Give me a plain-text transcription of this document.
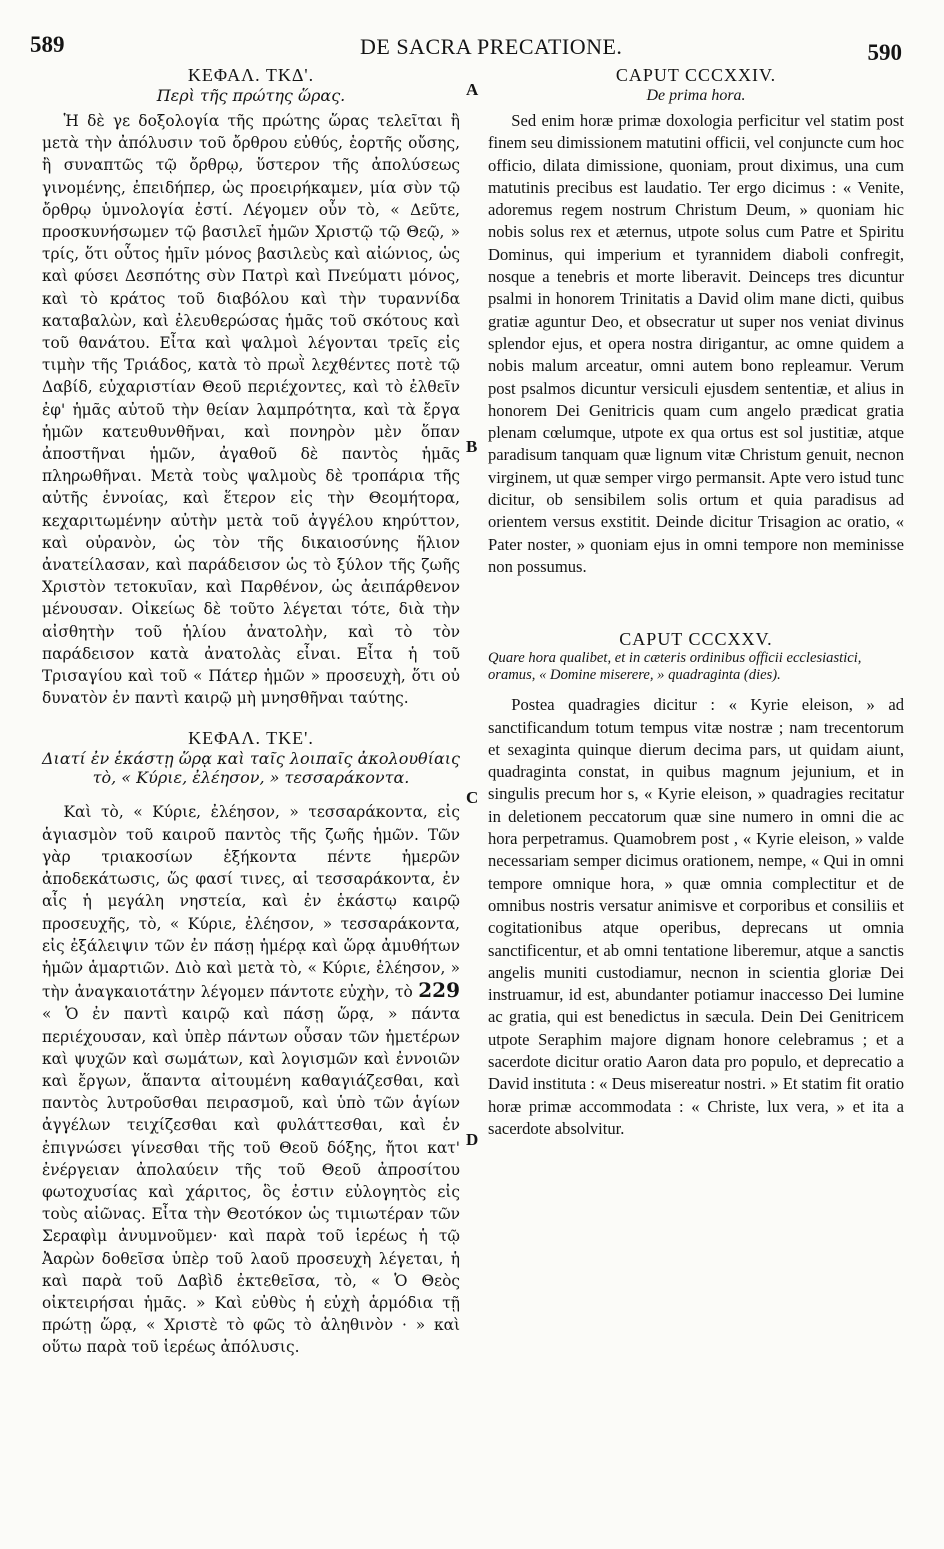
589	DE SACRA PRECATIONE.	590
A
B
C
D
ΚΕΦΑΛ. ΤΚΔ'.
Περὶ τῆς πρώτης ὥρας.

Ἡ δὲ γε δοξολογία τῆς πρώτης ὥρας τελεῖται ἢ μετὰ τὴν ἀπόλυσιν τοῦ ὄρθρου εὐθύς, ἑορτῆς οὔσης, ἢ συναπτῶς τῷ ὄρθρῳ, ὕστερον τῆς ἀπολύσεως γινομένης, ἐπειδήπερ, ὡς προειρήκαμεν, μία σὺν τῷ ὄρθρῳ ὑμνολογία ἐστί. Λέγομεν οὖν τὸ, « Δεῦτε, προσκυνήσωμεν τῷ βασιλεῖ ἡμῶν Χριστῷ τῷ Θεῷ, » τρίς, ὅτι οὗτος ἡμῖν μόνος βασιλεὺς καὶ αἰώνιος, ὡς καὶ φύσει Δεσπότης σὺν Πατρὶ καὶ Πνεύματι μόνος, καὶ τὸ κράτος τοῦ διαβόλου καὶ τὴν τυραννίδα καταβαλὼν, καὶ ἐλευθερώσας ἡμᾶς τοῦ σκότους καὶ τοῦ θανάτου. Εἶτα καὶ ψαλμοὶ λέγονται τρεῖς εἰς τιμὴν τῆς Τριάδος, κατὰ τὸ πρωῒ λεχθέντες ποτὲ τῷ Δαβίδ, εὐχαριστίαν Θεοῦ περιέχοντες, καὶ τὸ ἐλθεῖν ἐφ' ἡμᾶς αὐτοῦ τὴν θείαν λαμπρότητα, καὶ τὰ ἔργα ἡμῶν κατευθυνθῆναι, καὶ πονηρὸν μὲν ὅπαν ἀποστῆναι ἡμῶν, ἀγαθοῦ δὲ παντὸς ἡμᾶς πληρωθῆναι. Μετὰ τοὺς ψαλμοὺς δὲ τροπάρια τῆς αὐτῆς ἐννοίας, καὶ ἕτερον εἰς τὴν Θεομήτορα, κεχαριτωμένην αὐτὴν μετὰ τοῦ ἀγγέλου κηρύττον, καὶ οὐρανὸν, ὡς τὸν τῆς δικαιοσύνης ἥλιον ἀνατείλασαν, καὶ παράδεισον ὡς τὸ ξύλον τῆς ζωῆς Χριστὸν τετοκυῖαν, καὶ Παρθένον, ὡς ἀειπάρθενον μένουσαν. Οἰκείως δὲ τοῦτο λέγεται τότε, διὰ τὴν αἰσθητὴν τοῦ ἡλίου ἀνατολὴν, καὶ τὸ τὸν παράδεισον κατὰ ἀνατολὰς εἶναι. Εἶτα ἡ τοῦ Τρισαγίου καὶ τοῦ « Πάτερ ἡμῶν » προσευχὴ, ὅτι οὐ δυνατὸν ἐν παντὶ καιρῷ μὴ μνησθῆναι ταύτης.

ΚΕΦΑΛ. ΤΚΕ'.
Διατί ἐν ἑκάστῃ ὥρᾳ καὶ ταῖς λοιπαῖς ἀκολουθίαις τὸ, « Κύριε, ἐλέησον, » τεσσαράκοντα.

Καὶ τὸ, « Κύριε, ἐλέησον, » τεσσαράκοντα, εἰς ἁγιασμὸν τοῦ καιροῦ παντὸς τῆς ζωῆς ἡμῶν. Τῶν γὰρ τριακοσίων ἑξήκοντα πέντε ἡμερῶν ἀποδεκάτωσις, ὥς φασί τινες, αἱ τεσσαράκοντα, ἐν αἷς ἡ μεγάλη νηστεία, καὶ ἐν ἑκάστῳ καιρῷ προσευχῆς, τὸ, « Κύριε, ἐλέησον, » τεσσαράκοντα, εἰς ἐξάλειψιν τῶν ἐν πάσῃ ἡμέρᾳ καὶ ὥρᾳ ἀμυθήτων ἡμῶν ἁμαρτιῶν. Διὸ καὶ μετὰ τὸ, « Κύριε, ἐλέησον, » τὴν ἀναγκαιοτάτην λέγομεν πάντοτε εὐχὴν, τὸ 229 « Ὁ ἐν παντὶ καιρῷ καὶ πάσῃ ὥρᾳ, » πάντα περιέχουσαν, καὶ ὑπὲρ πάντων οὖσαν τῶν ἡμετέρων καὶ ψυχῶν καὶ σωμάτων, καὶ λογισμῶν καὶ ἐννοιῶν καὶ ἔργων, ἅπαντα αἰτουμένη καθαγιάζεσθαι, καὶ παντὸς λυτροῦσθαι πειρασμοῦ, καὶ ὑπὸ τῶν ἁγίων ἀγγέλων τειχίζεσθαι καὶ φυλάττεσθαι, καὶ ἐν ἐπιγνώσει γίνεσθαι τῆς τοῦ Θεοῦ δόξης, ἤτοι κατ' ἐνέργειαν ἀπολαύειν τῆς τοῦ Θεοῦ ἀπροσίτου φωτοχυσίας καὶ χάριτος, ὃς ἐστιν εὐλογητὸς εἰς τοὺς αἰῶνας. Εἶτα τὴν Θεοτόκον ὡς τιμιωτέραν τῶν Σεραφὶμ ἀνυμνοῦμεν· καὶ παρὰ τοῦ ἱερέως ἡ τῷ Ἀαρὼν δοθεῖσα ὑπὲρ τοῦ λαοῦ προσευχὴ λέγεται, ἡ καὶ παρὰ τοῦ Δαβὶδ ἐκτεθεῖσα, τὸ, « Ὁ Θεὸς οἰκτειρήσαι ἡμᾶς. » Καὶ εὐθὺς ἡ εὐχὴ ἁρμόδια τῇ πρώτῃ ὥρᾳ, « Χριστὲ τὸ φῶς τὸ ἀληθινὸν · » καὶ οὕτω παρὰ τοῦ ἱερέως ἀπόλυσις.

CAPUT CCCXXIV.
De prima hora.

Sed enim horæ primæ doxologia perficitur vel statim post finem seu dimissionem matutini officii, vel conjuncte cum hoc officio, dilata dimissione, quoniam, prout diximus, una cum matutinis precibus est laudatio. Ter ergo dicimus : « Venite, adoremus regem nostrum Christum Deum, » quoniam hic nobis solus rex et æternus, utpote solus cum Patre et Spiritu Dominus, qui imperium et tyrannidem diaboli confregit, nosque a tenebris et morte liberavit. Deinceps tres dicuntur psalmi in honorem Trinitatis a David olim mane dicti, quibus gratiæ aguntur Deo, et obsecratur ut super nos veniat divinus splendor ejus, et opera nostra dirigantur, ac omne quidem a nobis malum arceatur, omni autem bono repleamur. Verum post psalmos dicuntur versiculi ejusdem sententiæ, et alius in honorem Dei Genitricis quam cum angelo prædicat gratia plenam cœlumque, utpote ex qua ortus est sol justitiæ, atque paradisum tanquam quæ lignum vitæ Christum genuit, necnon virginem, ut quæ semper virgo permansit. Apte vero istud tunc dicitur, ob sensibilem solis ortum et quia paradisus ad orientem versus exstitit. Deinde dicitur Trisagion ac oratio, « Pater noster, » quoniam ejus in omni tempore non meminisse non possumus.

CAPUT CCCXXV.
Quare hora qualibet, et in cæteris ordinibus officii ecclesiastici, oramus, « Domine miserere, » quadraginta (dies).

Postea quadragies dicitur : « Kyrie eleison, » ad sanctificandum totum tempus vitæ nostræ ; nam trecentorum et sexaginta quinque dierum decima pars, ut quidam aiunt, quadraginta constat, in quibus magnum jejunium, et in singulis precum hor s, « Kyrie eleison, » quadragies recitatur in deletionem peccatorum quæ sine numero in omni die ac hora perpetramus. Quamobrem post , « Kyrie eleison, » valde necessariam semper dicimus orationem, nempe, « Qui in omni tempore omnique hora, » quæ omnia complectitur et de omnibus nostris versatur animisve et corporibus et consiliis et cogitationibus atque operibus, deprecans ut omnia sanctificentur, et ab omni tentatione liberemur, atque a sanctis angelis muniti custodiamur, necnon in scientia gloriæ Dei instruamur, id est, abundanter potiamur inaccesso Dei lumine ac gratia, qui est benedictus in sæcula. Dein Dei Genitricem utpote Seraphim majore dignam honore celebramus ; et a sacerdote dicitur oratio Aaron data pro populo, et deprecatio a David instituta : « Deus misereatur nostri. » Et statim fit oratio horæ primæ accommodata : « Christe, lux vera, » et ita a sacerdote absolvitur.
